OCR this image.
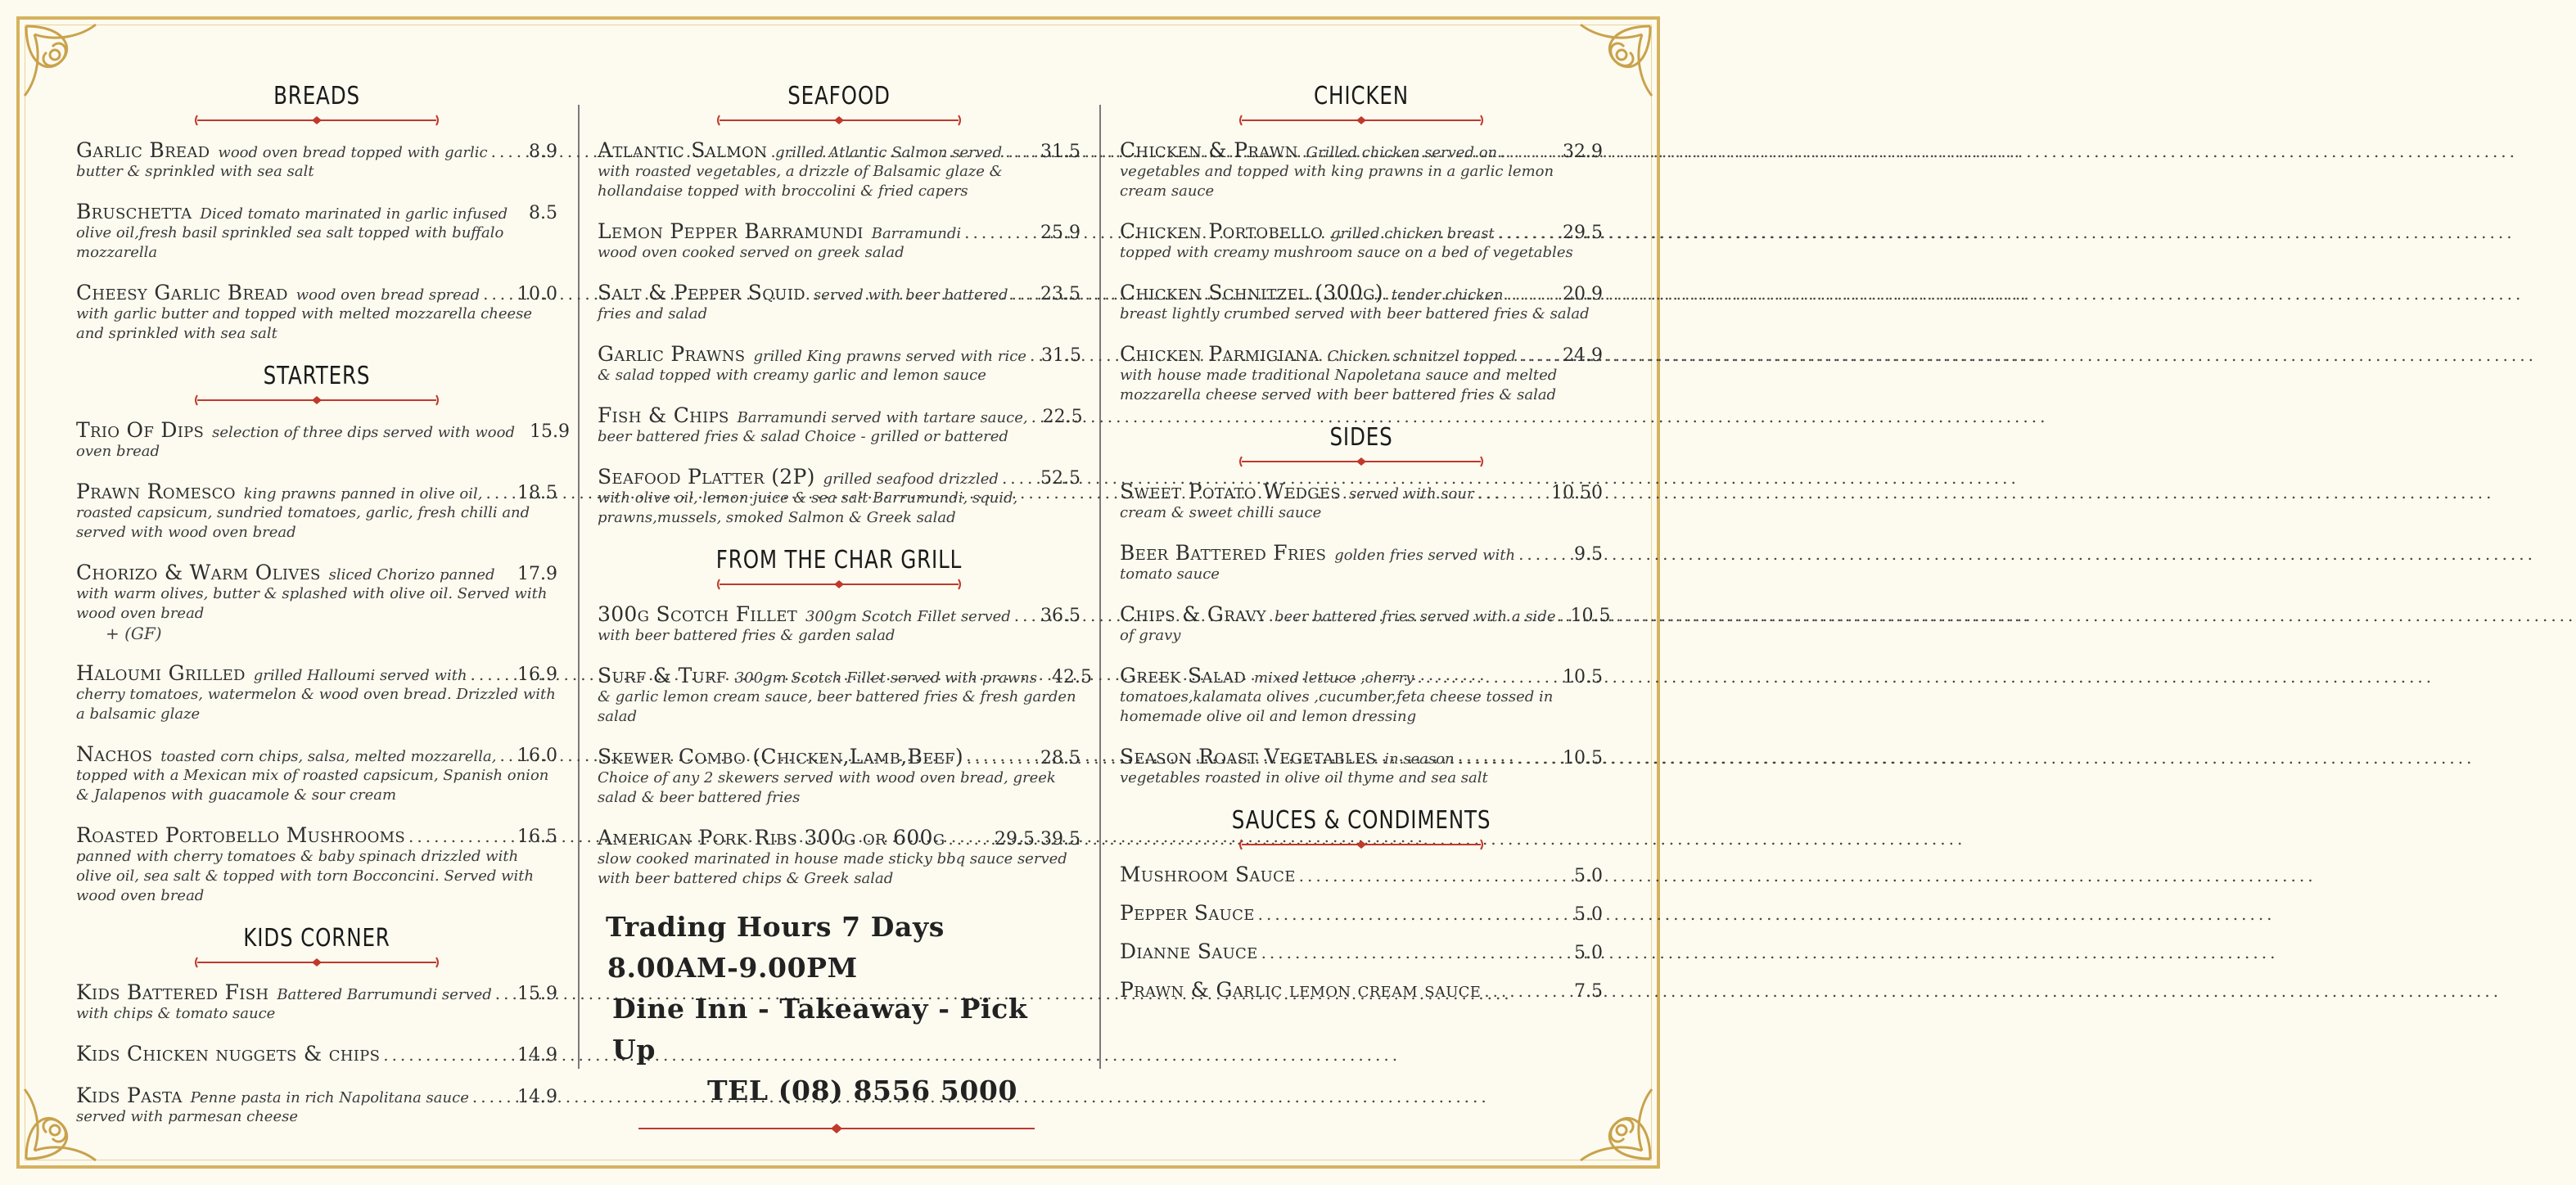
BREADS
Garlic Bread wood oven bread topped with garlic ..... 8.9
butter & sprinkled with sea salt
Bruschetta Diced tomato marinated in garlic infused 8.5
olive oil,fresh basil sprinkled sea salt topped with buffalo mozzarella
Cheesy Garlic Bread wood oven bread spread ..... 10.0
with garlic butter and topped with melted mozzarella cheese and sprinkled with sea salt
STARTERS
Trio Of Dips selection of three dips served with wood 15.9
oven bread
Prawn Romesco king prawns panned in olive oil, ..... 18.5
roasted capsicum, sundried tomatoes, garlic, fresh chilli and served with wood oven bread
Chorizo & Warm Olives sliced Chorizo panned 17.9
with warm olives, butter & splashed with olive oil. Served with wood oven bread
+ (GF)
Haloumi Grilled grilled Halloumi served with .....	16.9
cherry tomatoes, watermelon & wood oven bread. Drizzled with a balsamic glaze
Nachos toasted corn chips, salsa, melted mozzarella, ..... 16.0
topped with a Mexican mix of roasted capsicum, Spanish onion & Jalapenos with guacamole & sour cream
Roasted Portobello Mushrooms .....	16.5
panned with cherry tomatoes & baby spinach drizzled with olive oil, sea salt & topped with torn Bocconcini. Served with wood oven bread
KIDS CORNER
Kids Battered Fish Battered Barrumundi served ..... 15.9
with chips & tomato sauce
Kids Chicken nuggets & chips .....	14.9
Kids Pasta Penne pasta in rich Napolitana sauce .....	14.9
served with parmesan cheese
SEAFOOD
Atlantic Salmon grilled Atlantic Salmon served ..... 31.5
with roasted vegetables, a drizzle of Balsamic glaze & hollandaise topped with broccolini & fried capers
Lemon Pepper Barramundi Barramundi .....	25.9
wood oven cooked served on greek salad
Salt & Pepper Squid served with beer battered ..... 23.5
fries and salad
Garlic Prawns grilled King prawns served with rice ..... 31.5
& salad topped with creamy garlic and lemon sauce
Fish & Chips Barramundi served with tartare sauce, ..... 22.5
beer battered fries & salad Choice - grilled or battered
Seafood Platter (2P) grilled seafood drizzled ..... 52.5
with olive oil, lemon juice & sea salt Barrumundi, squid, prawns,mussels, smoked Salmon & Greek salad
FROM THE CHAR GRILL
300g Scotch Fillet 300gm Scotch Fillet served ..... 36.5
with beer battered fries & garden salad
Surf & Turf 300gm Scotch Fillet served with prawns 42.5
& garlic lemon cream sauce, beer battered fries & fresh garden salad
Skewer Combo (Chicken,Lamb,Beef) .....	28.5
Choice of any 2 skewers served with wood oven bread, greek salad & beer battered fries
American Pork Ribs 300g or 600g .....	29.5 39.5
slow cooked marinated in house made sticky bbq sauce served with beer battered chips & Greek salad
Trading Hours 7 Days
8.00AM-9.00PM
Dine Inn - Takeaway - Pick Up
TEL (08) 8556 5000
CHICKEN
Chicken & Prawn Grilled chicken served on .....	32.9
vegetables and topped with king prawns in a garlic lemon cream sauce
Chicken Portobello grilled chicken breast .....	29.5
topped with creamy mushroom sauce on a bed of vegetables
Chicken Schnitzel (300g) tender chicken .....	20.9
breast lightly crumbed served with beer battered fries & salad
Chicken Parmigiana Chicken schnitzel topped .....	24.9
with house made traditional Napoletana sauce and melted mozzarella cheese served with beer battered fries & salad
SIDES
Sweet Potato Wedges served with sour .....	10.50
cream & sweet chilli sauce
Beer Battered Fries golden fries served with .....	9.5
tomato sauce
Chips & Gravy beer battered fries served with a side ..... 10.5
of gravy
Greek Salad mixed lettuce ,cherry .....	10.5
tomatoes,kalamata olives ,cucumber,feta cheese tossed in homemade olive oil and lemon dressing
Season Roast Vegetables in season .....	10.5
vegetables roasted in olive oil thyme and sea salt
SAUCES & CONDIMENTS
Mushroom Sauce .....	5.0
Pepper Sauce .....	5.0
Dianne Sauce .....	5.0
Prawn & Garlic lemon cream sauce .....	7.5
